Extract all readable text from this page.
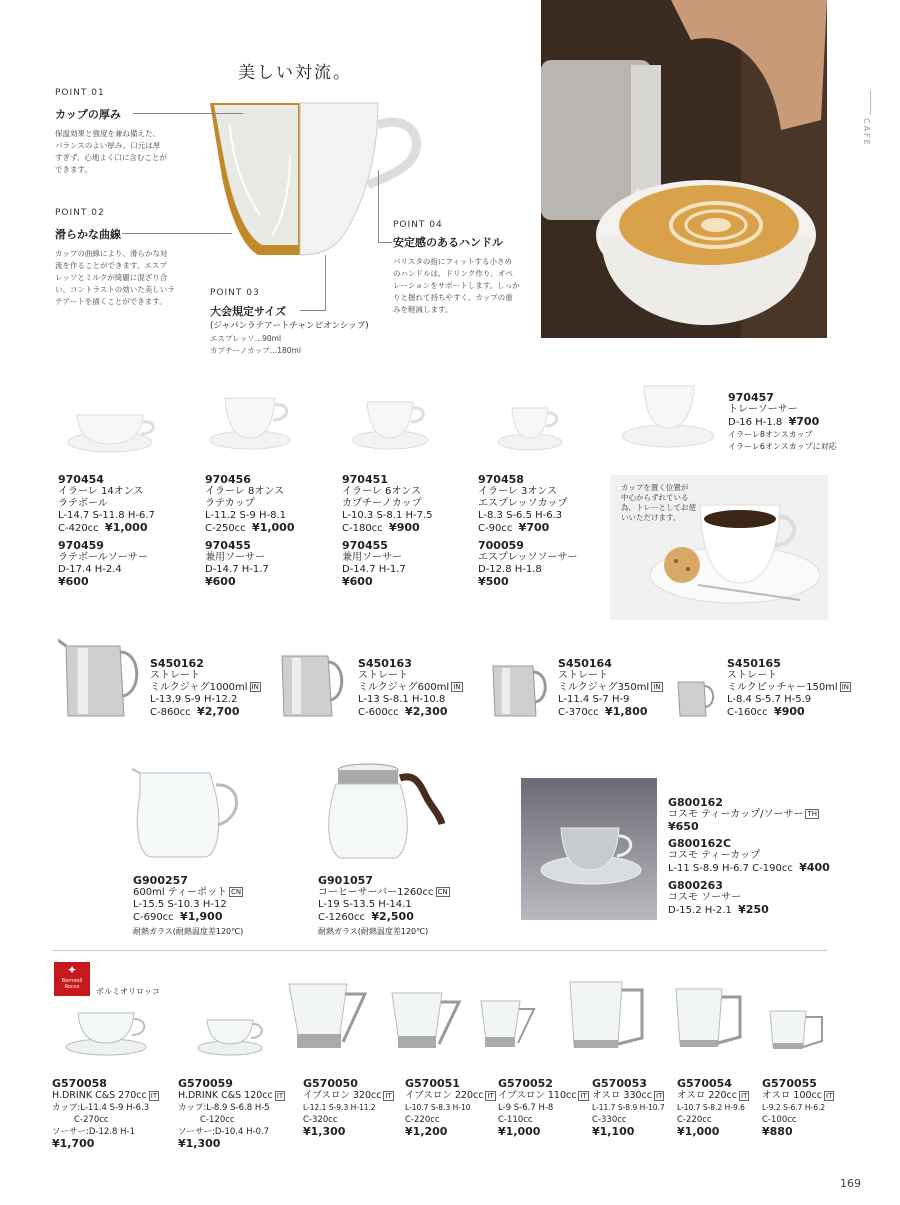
美しい対流。
CAFE
POINT 01
カップの厚み
保温効果と強度を兼ね備えた、
バランスのよい厚み。口元は厚
すぎず、心地よく口に含むことが
できます。
POINT 02
滑らかな曲線
カップの曲線により、滑らかな対
流を作ることができます。エスプ
レッソとミルクが綺麗に混ざり合
い、コントラストの効いた美しいラ
テアートを描くことができます。
POINT 03
大会規定サイズ
(ジャパンラテアートチャンピオンシップ)
エスプレッソ…90ml
カプチーノカップ…180ml
POINT 04
安定感のあるハンドル
バリスタの指にフィットする小さめ
のハンドルは、ドリンク作り、オペ
レーションをサポートします。しっか
りと握れて持ちやすく、カップの重
みを軽減します。
970454
イラーレ 14オンス
ラテボール
L-14.7 S-11.8 H-6.7
C-420cc ¥1,000
970459
ラテボールソーサー
D-17.4 H-2.4
¥600
970456
イラーレ 8オンス
ラテカップ
L-11.2 S-9 H-8.1
C-250cc ¥1,000
970455
兼用ソーサー
D-14.7 H-1.7
¥600
970451
イラーレ 6オンス
カプチーノカップ
L-10.3 S-8.1 H-7.5
C-180cc ¥900
970455
兼用ソーサー
D-14.7 H-1.7
¥600
970458
イラーレ 3オンス
エスプレッソカップ
L-8.3 S-6.5 H-6.3
C-90cc ¥700
700059
エスプレッソソーサー
D-12.8 H-1.8
¥500
970457
トレーソーサー
D-16 H-1.8 ¥700
イラーレ8オンスカップ
イラーレ6オンスカップに対応
カップを置く位置が
中心からずれている
為、トレーとしてお使
いいただけます。
S450162
ストレート
ミルクジャグ1000ml IN
L-13.9 S-9 H-12.2
C-860cc ¥2,700
S450163
ストレート
ミルクジャグ600ml IN
L-13 S-8.1 H-10.8
C-600cc ¥2,300
S450164
ストレート
ミルクジャグ350ml IN
L-11.4 S-7 H-9
C-370cc ¥1,800
S450165
ストレート
ミルクピッチャー150ml IN
L-8.4 S-5.7 H-5.9
C-160cc ¥900
G900257
600ml ティーポット CN
L-15.5 S-10.3 H-12
C-690cc ¥1,900
耐熱ガラス(耐熱温度差120℃)
G901057
コーヒーサーバー1260cc CN
L-19 S-13.5 H-14.1
C-1260cc ¥2,500
耐熱ガラス(耐熱温度差120℃)
G800162
コスモ ティーカップ/ソーサー TH
¥650
G800162C
コスモ ティーカップ
L-11 S-8.9 H-6.7 C-190cc ¥400
G800263
コスモ ソーサー
D-15.2 H-2.1 ¥250
✦
Bormioli Rocco	ボルミオリロッコ
G570058
H.DRINK C&S 270cc IT
カップ:L-11.4 S-9 H-6.3
C-270cc
ソーサー:D-12.8 H-1
¥1,700
G570059
H.DRINK C&S 120cc IT
カップ:L-8.9 S-6.8 H-5
C-120cc
ソーサー:D-10.4 H-0.7
¥1,300
G570050
イブスロン 320cc IT
L-12.1 S-9.3 H-11.2
C-320cc
¥1,300
G570051
イブスロン 220cc IT
L-10.7 S-8.3 H-10
C-220cc
¥1,200
G570052
イブスロン 110cc IT
L-9 S-6.7 H-8
C-110cc
¥1,000
G570053
オスロ 330cc IT
L-11.7 S-8.9 H-10.7
C-330cc
¥1,100
G570054
オスロ 220cc IT
L-10.7 S-8.2 H-9.6
C-220cc
¥1,000
G570055
オスロ 100cc IT
L-9.2 S-6.7 H-6.2
C-100cc
¥880
169
